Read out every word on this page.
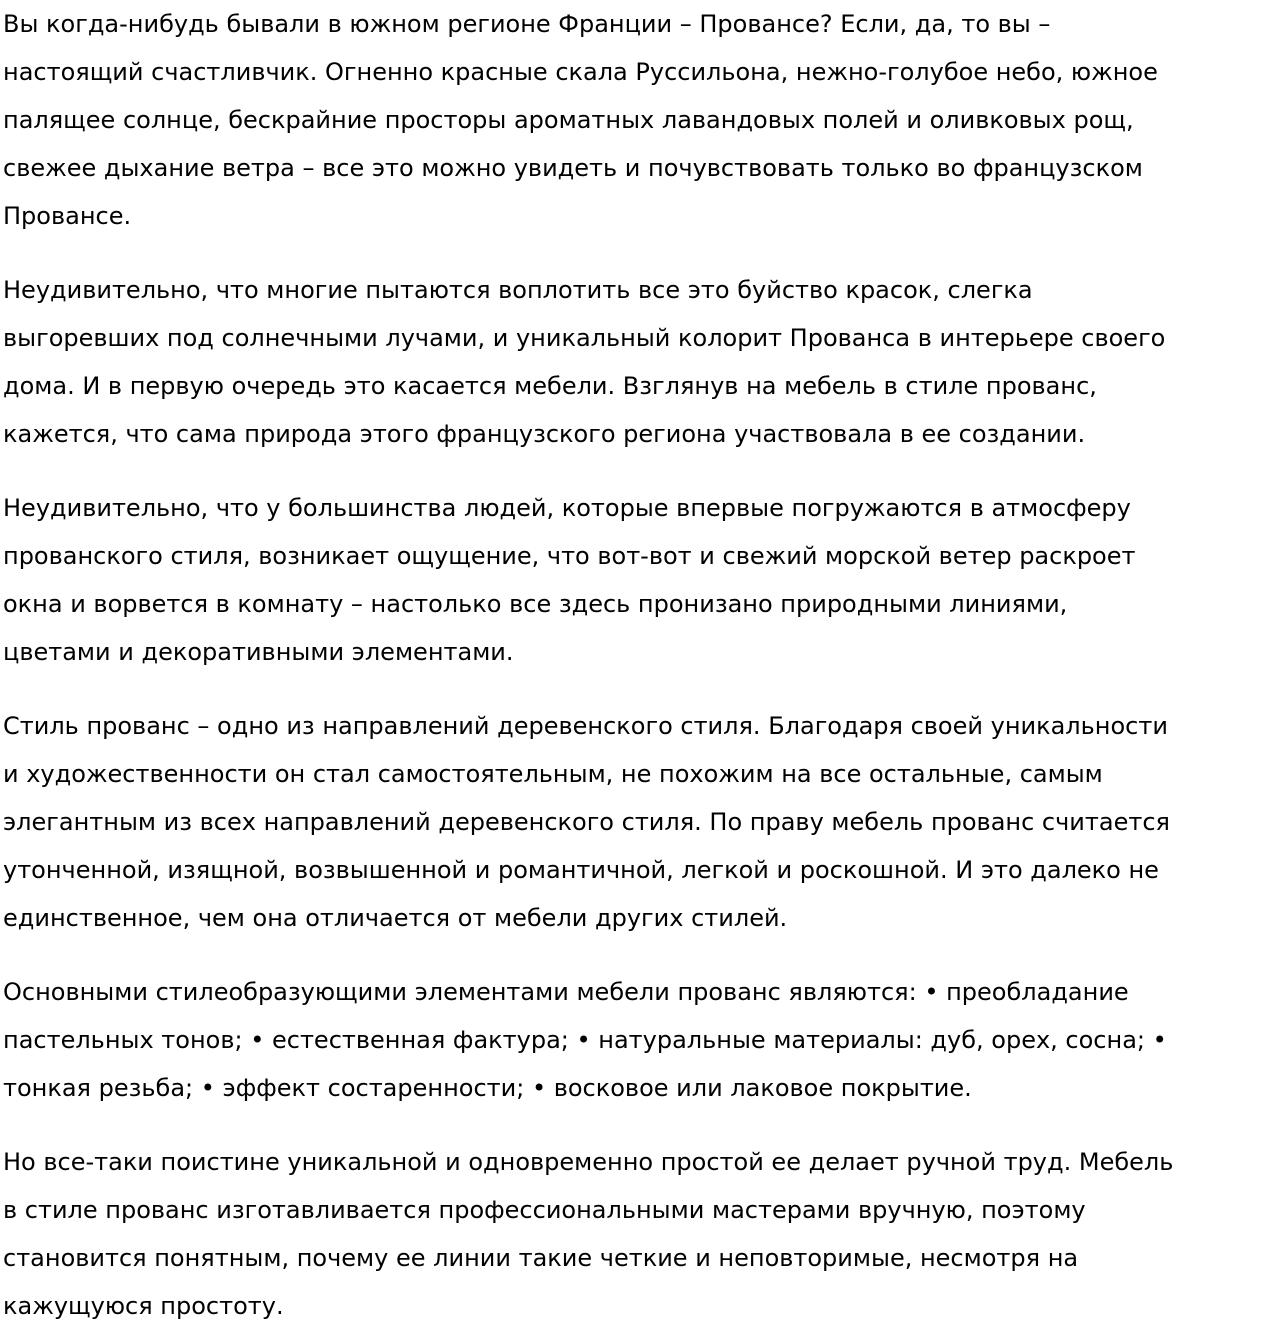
Вы когда-нибудь бывали в южном регионе Франции – Провансе? Если, да, то вы –
настоящий счастливчик. Огненно красные скала Руссильона, нежно-голубое небо, южное
палящее солнце, бескрайние просторы ароматных лавандовых полей и оливковых рощ,
свежее дыхание ветра – все это можно увидеть и почувствовать только во французском
Провансе.
Неудивительно, что многие пытаются воплотить все это буйство красок, слегка
выгоревших под солнечными лучами, и уникальный колорит Прованса в интерьере своего
дома. И в первую очередь это касается мебели. Взглянув на мебель в стиле прованс,
кажется, что сама природа этого французского региона участвовала в ее создании.
Неудивительно, что у большинства людей, которые впервые погружаются в атмосферу
прованского стиля, возникает ощущение, что вот-вот и свежий морской ветер раскроет
окна и ворвется в комнату – настолько все здесь пронизано природными линиями,
цветами и декоративными элементами.
Стиль прованс – одно из направлений деревенского стиля. Благодаря своей уникальности
и художественности он стал самостоятельным, не похожим на все остальные, самым
элегантным из всех направлений деревенского стиля. По праву мебель прованс считается
утонченной, изящной, возвышенной и романтичной, легкой и роскошной. И это далеко не
единственное, чем она отличается от мебели других стилей.
Основными стилеобразующими элементами мебели прованс являются: • преобладание
пастельных тонов; • естественная фактура; • натуральные материалы: дуб, орех, сосна; •
тонкая резьба; • эффект состаренности; • восковое или лаковое покрытие.
Но все-таки поистине уникальной и одновременно простой ее делает ручной труд. Мебель
в стиле прованс изготавливается профессиональными мастерами вручную, поэтому
становится понятным, почему ее линии такие четкие и неповторимые, несмотря на
кажущуюся простоту.
